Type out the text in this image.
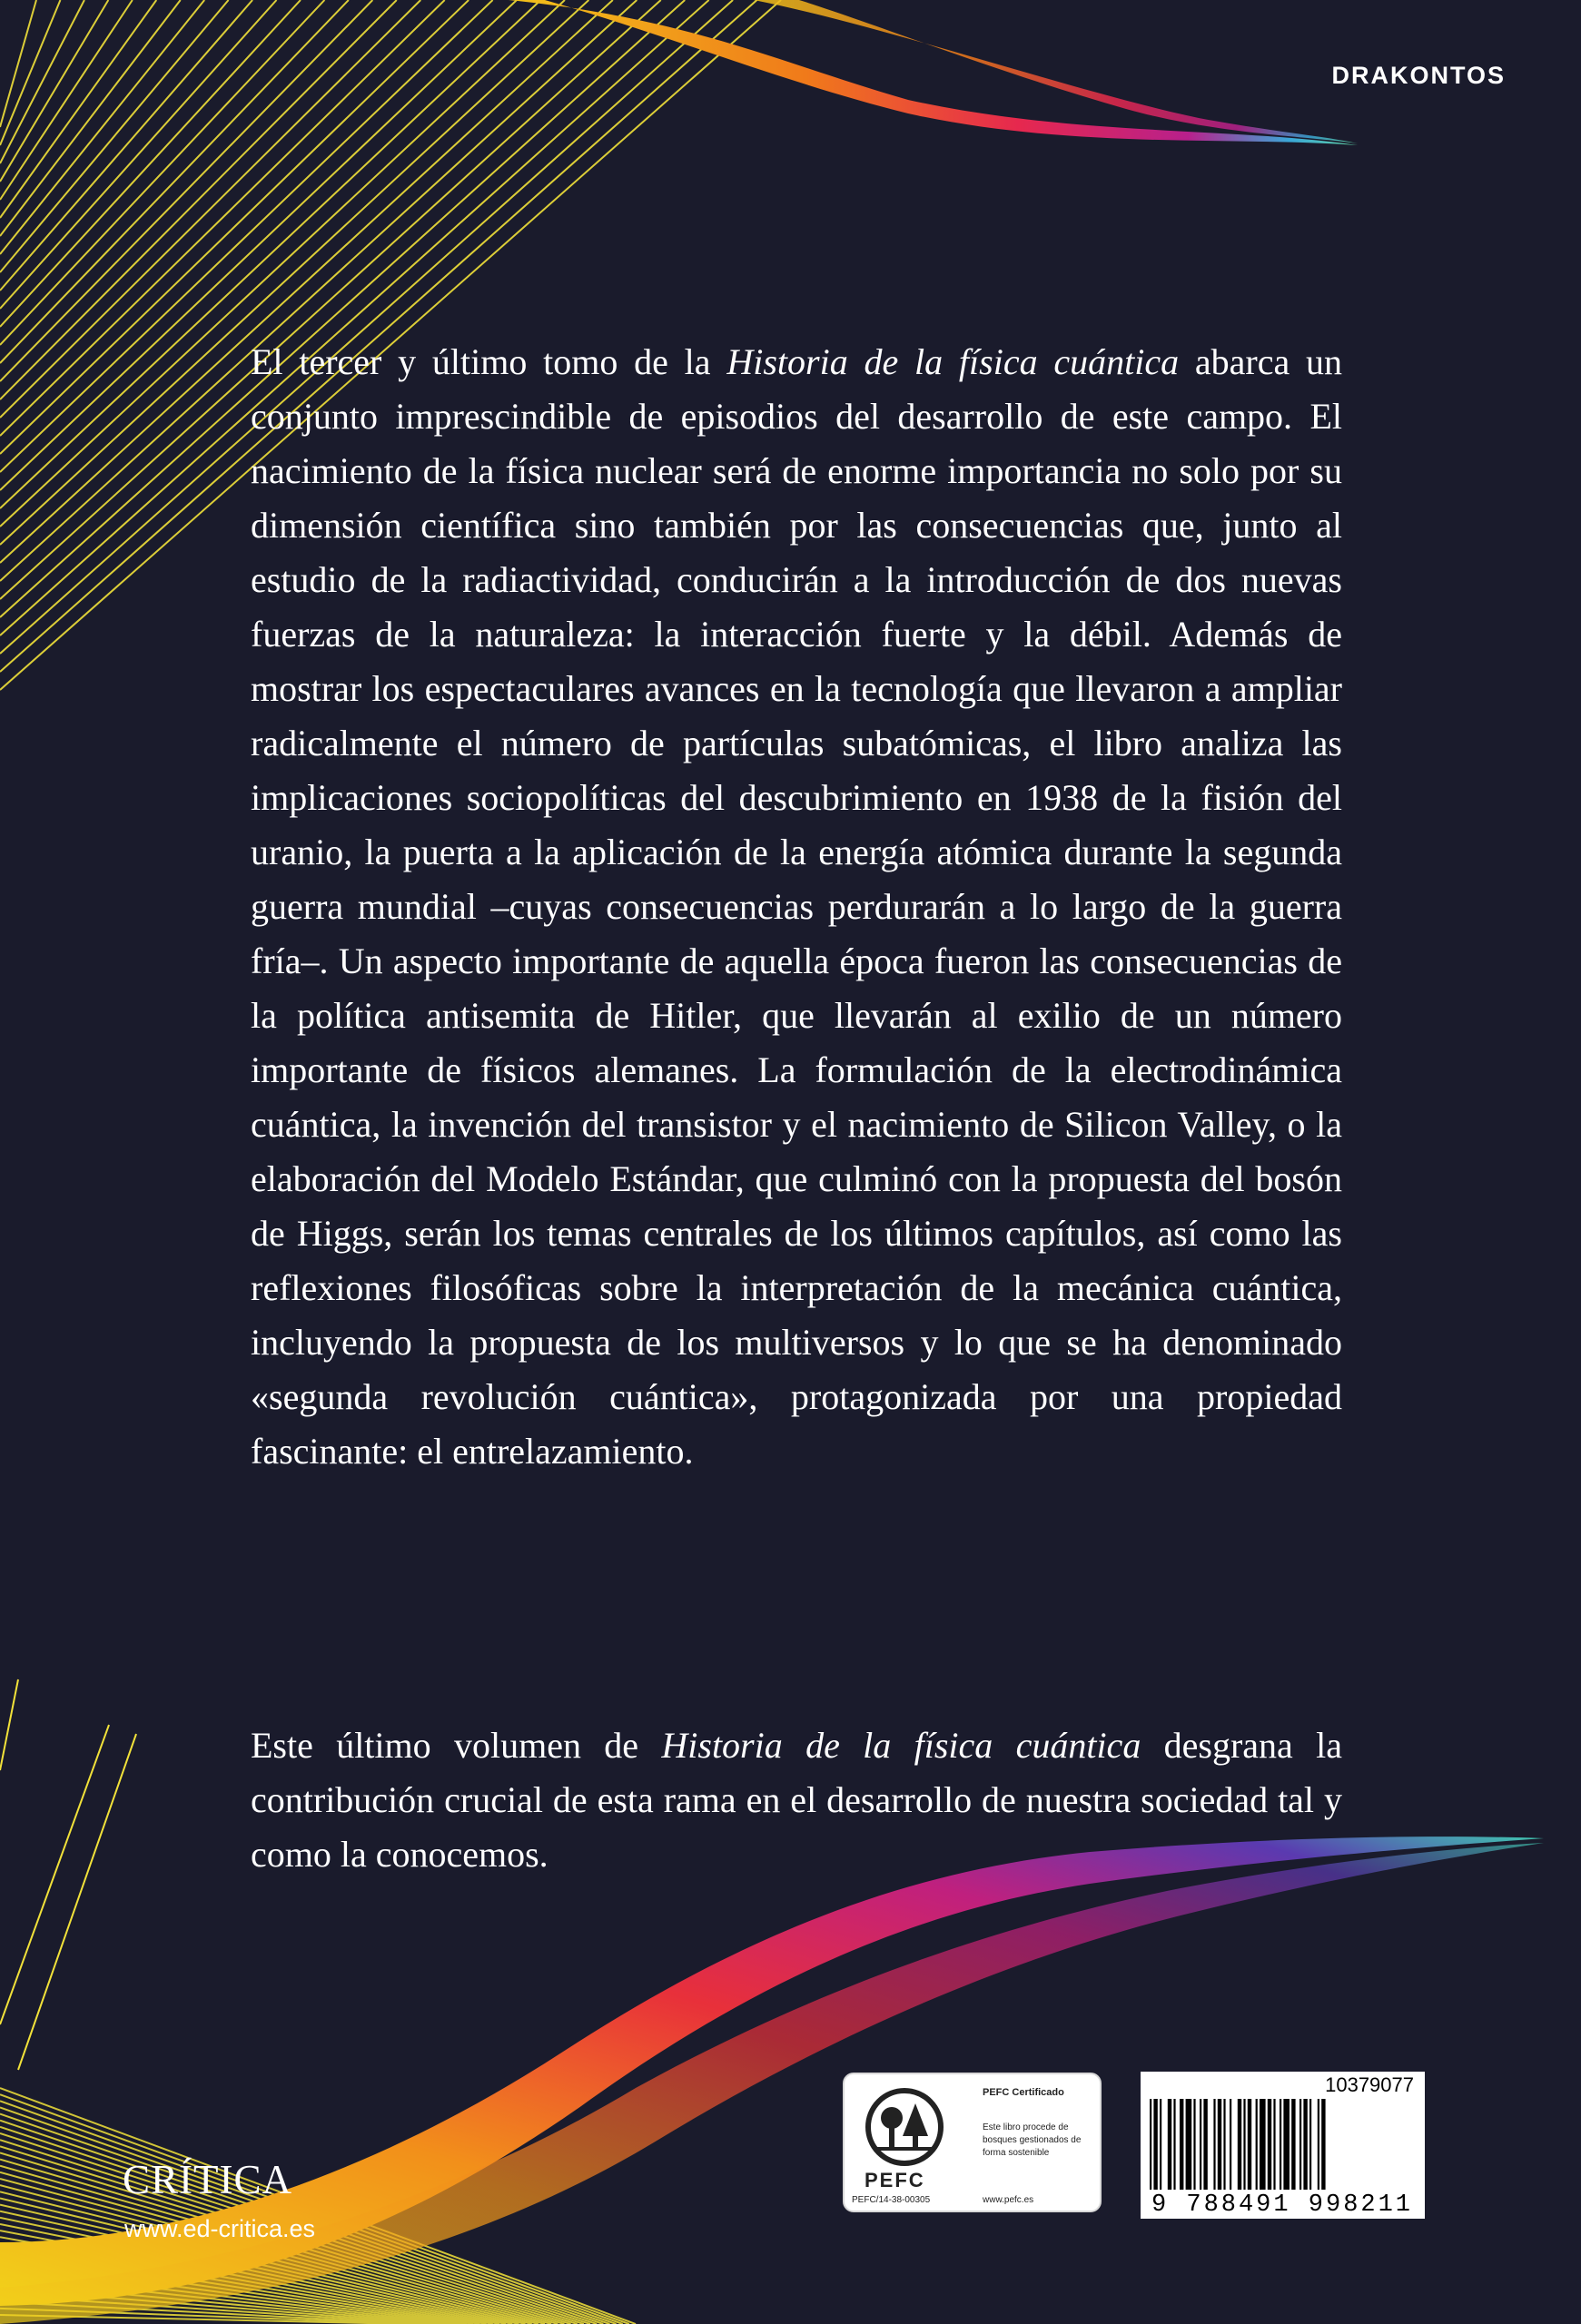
DRAKONTOS

El tercer y último tomo de la Historia de la física cuántica abarca un conjunto imprescindible de episodios del desarrollo de este campo. El nacimiento de la física nuclear será de enorme importancia no solo por su dimensión científica sino también por las consecuencias que, junto al estudio de la radiactividad, conducirán a la introducción de dos nuevas fuerzas de la naturaleza: la interacción fuerte y la débil. Además de mostrar los espectaculares avances en la tecnología que llevaron a ampliar radicalmente el número de partículas subatómicas, el libro analiza las implicaciones sociopolíticas del descubrimiento en 1938 de la fisión del uranio, la puerta a la aplicación de la energía atómica durante la segunda guerra mundial –cuyas consecuencias perdurarán a lo largo de la guerra fría–. Un aspecto importante de aquella época fueron las consecuencias de la política antisemita de Hitler, que llevarán al exilio de un número importante de físicos alemanes. La formulación de la electrodinámica cuántica, la invención del transistor y el nacimiento de Silicon Valley, o la elaboración del Modelo Estándar, que culminó con la propuesta del bosón de Higgs, serán los temas centrales de los últimos capítulos, así como las reflexiones filosóficas sobre la interpretación de la mecánica cuántica, incluyendo la propuesta de los multiversos y lo que se ha denominado «segunda revolución cuántica», protagonizada por una propiedad fascinante: el entrelazamiento.

Este último volumen de Historia de la física cuántica desgrana la contribución crucial de esta rama en el desarrollo de nuestra sociedad tal y como la conocemos.

CRÍTICA
www.ed-critica.es
PEFC
PEFC/14-38-00305
PEFC Certificado
Este libro procede de bosques gestionados de forma sostenible
www.pefc.es
10379077
9 788491 998211
